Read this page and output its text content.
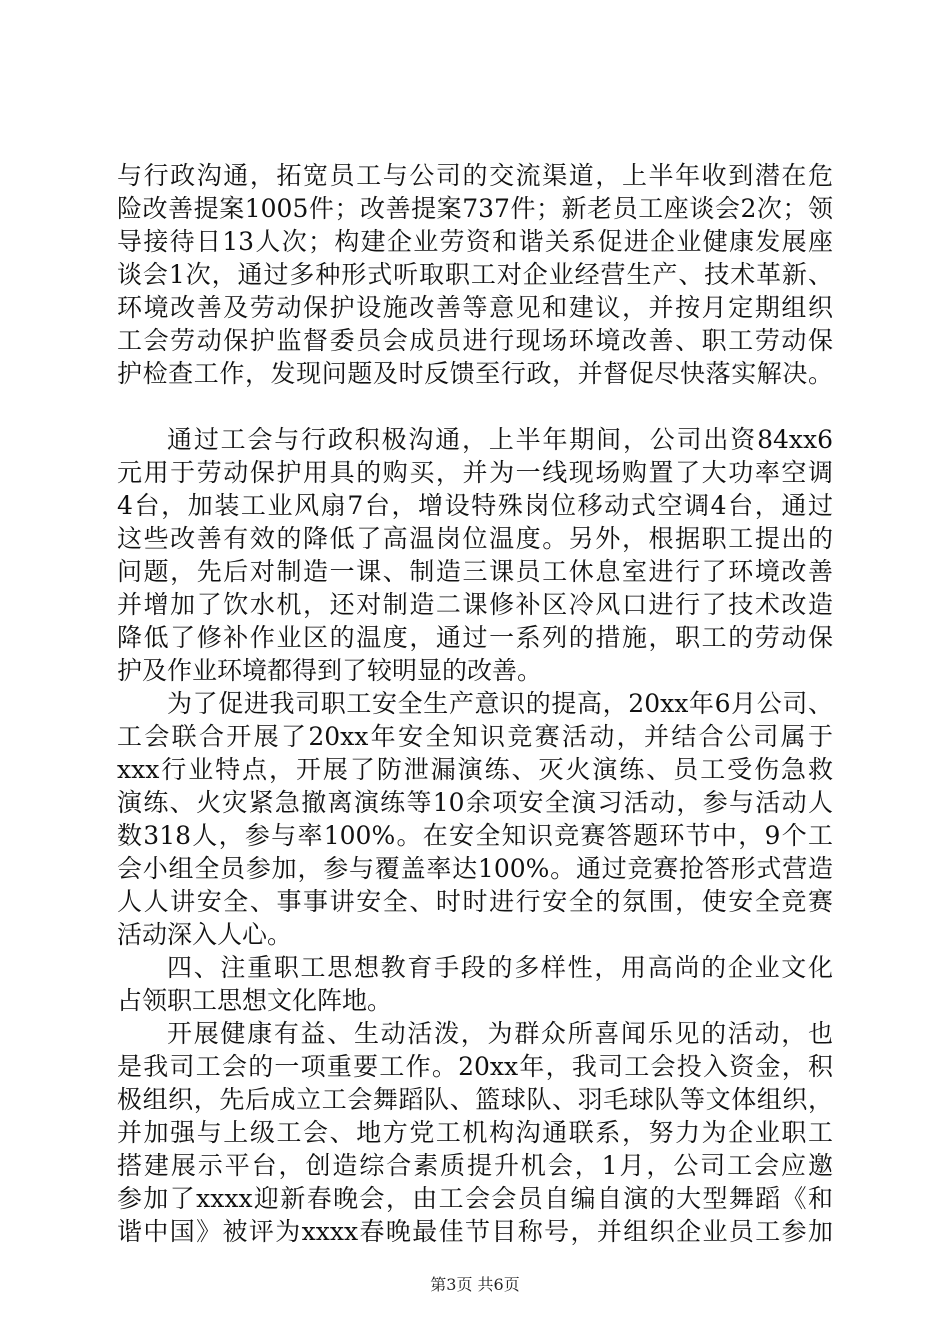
与行政沟通，拓宽员工与公司的交流渠道，上半年收到潜在危
险改善提案1005件；改善提案737件；新老员工座谈会2次；领
导接待日13人次；构建企业劳资和谐关系促进企业健康发展座
谈会1次，通过多种形式听取职工对企业经营生产、技术革新、
环境改善及劳动保护设施改善等意见和建议，并按月定期组织
工会劳动保护监督委员会成员进行现场环境改善、职工劳动保
护检查工作，发现问题及时反馈至行政，并督促尽快落实解决。
通过工会与行政积极沟通，上半年期间，公司出资84xx6
元用于劳动保护用具的购买，并为一线现场购置了大功率空调
4台，加装工业风扇7台，增设特殊岗位移动式空调4台，通过
这些改善有效的降低了高温岗位温度。另外，根据职工提出的
问题，先后对制造一课、制造三课员工休息室进行了环境改善
并增加了饮水机，还对制造二课修补区冷风口进行了技术改造
降低了修补作业区的温度，通过一系列的措施，职工的劳动保
护及作业环境都得到了较明显的改善。
为了促进我司职工安全生产意识的提高，20xx年6月公司、
工会联合开展了20xx年安全知识竞赛活动，并结合公司属于
xxx行业特点，开展了防泄漏演练、灭火演练、员工受伤急救
演练、火灾紧急撤离演练等10余项安全演习活动，参与活动人
数318人，参与率100%。在安全知识竞赛答题环节中，9个工
会小组全员参加，参与覆盖率达100%。通过竞赛抢答形式营造
人人讲安全、事事讲安全、时时进行安全的氛围，使安全竞赛
活动深入人心。
四、注重职工思想教育手段的多样性，用高尚的企业文化
占领职工思想文化阵地。
开展健康有益、生动活泼，为群众所喜闻乐见的活动，也
是我司工会的一项重要工作。20xx年，我司工会投入资金，积
极组织，先后成立工会舞蹈队、篮球队、羽毛球队等文体组织，
并加强与上级工会、地方党工机构沟通联系，努力为企业职工
搭建展示平台，创造综合素质提升机会，1月，公司工会应邀
参加了xxxx迎新春晚会，由工会会员自编自演的大型舞蹈《和
谐中国》被评为xxxx春晚最佳节目称号，并组织企业员工参加
第3页 共6页
